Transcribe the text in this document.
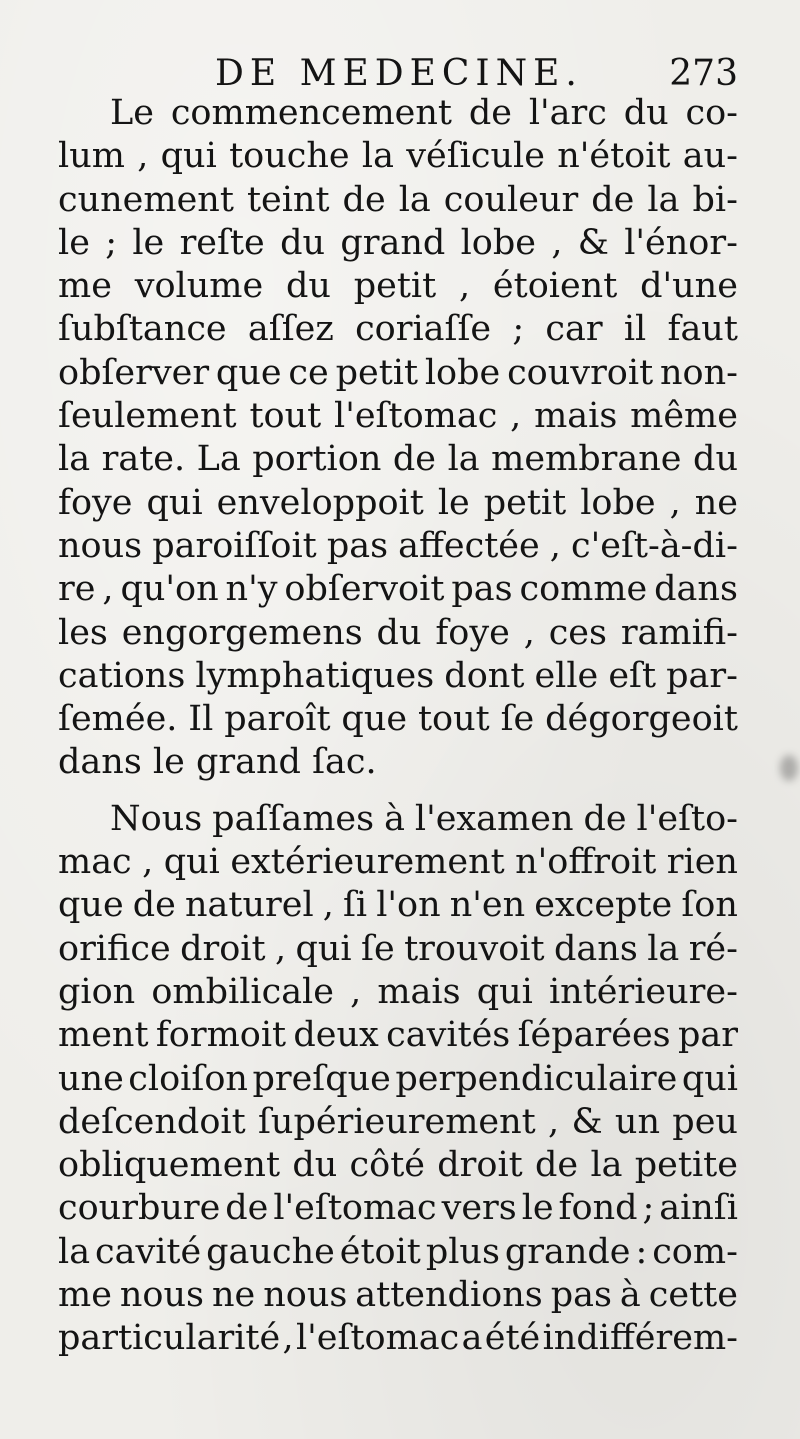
DE MEDECINE. 273
Le commencement de l'arc du co-
lum , qui touche la véſicule n'étoit au-
cunement teint de la couleur de la bi-
le ; le reſte du grand lobe , & l'énor-
me volume du petit , étoient d'une
ſubſtance aſſez coriaſſe ; car il faut
obſerver que ce petit lobe couvroit non-
ſeulement tout l'eſtomac , mais même
la rate. La portion de la membrane du
foye qui enveloppoit le petit lobe , ne
nous paroiſſoit pas affectée , c'eſt-à-di-
re , qu'on n'y obſervoit pas comme dans
les engorgemens du foye , ces ramifi-
cations lymphatiques dont elle eſt par-
ſemée. Il paroît que tout ſe dégorgeoit
dans
le
grand
ſac.
Nous paſſames à l'examen de l'eſto-
mac , qui extérieurement n'offroit rien
que de naturel , ſi l'on n'en excepte ſon
orifice droit , qui ſe trouvoit dans la ré-
gion ombilicale , mais qui intérieure-
ment formoit deux cavités ſéparées par
une cloiſon preſque perpendiculaire qui
deſcendoit ſupérieurement , & un peu
obliquement du côté droit de la petite
courbure de l'eſtomac vers le fond ; ainſi
la cavité gauche étoit plus grande : com-
me nous ne nous attendions pas à cette
particularité , l'eſtomac a été indifférem-
